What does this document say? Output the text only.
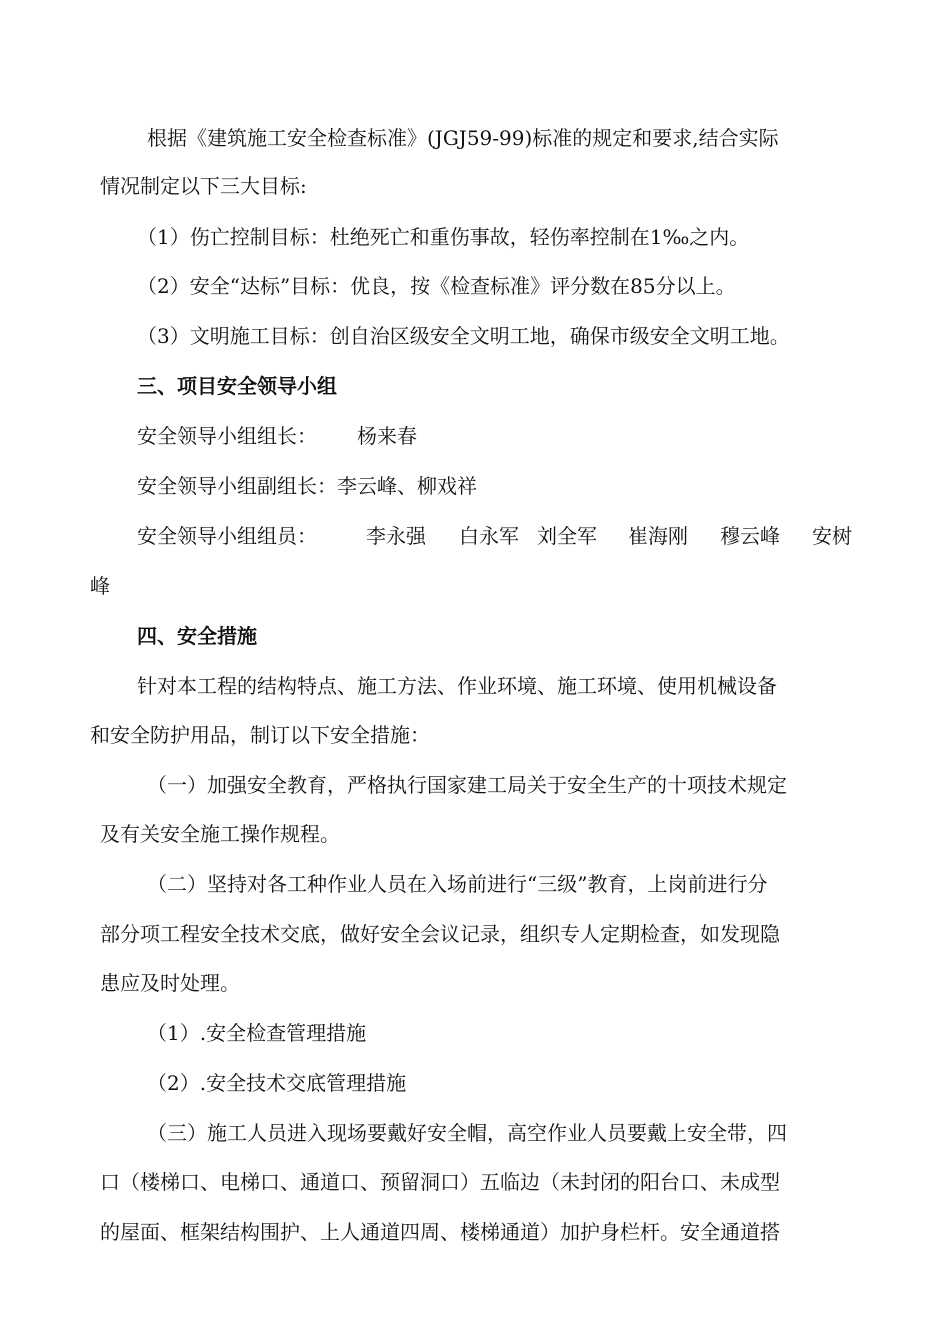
根据《建筑施工安全检查标准》(JGJ59-99)标准的规定和要求,结合实际

情况制定以下三大目标:

（1）伤亡控制目标：杜绝死亡和重伤事故，轻伤率控制在1‰之内。

（2）安全“达标”目标：优良，按《检查标准》评分数在85分以上。

（3）文明施工目标：创自治区级安全文明工地，确保市级安全文明工地。

三、项目安全领导小组

安全领导小组组长： 杨来春

安全领导小组副组长：李云峰、柳戏祥

安全领导小组组员： 李永强 白永军 刘全军 崔海刚 穆云峰 安树

峰

四、安全措施

针对本工程的结构特点、施工方法、作业环境、施工环境、使用机械设备

和安全防护用品，制订以下安全措施：

（一）加强安全教育，严格执行国家建工局关于安全生产的十项技术规定

及有关安全施工操作规程。

（二）坚持对各工种作业人员在入场前进行“三级”教育，上岗前进行分

部分项工程安全技术交底，做好安全会议记录，组织专人定期检查，如发现隐

患应及时处理。

（1）.安全检查管理措施

（2）.安全技术交底管理措施

（三）施工人员进入现场要戴好安全帽，高空作业人员要戴上安全带，四

口（楼梯口、电梯口、通道口、预留洞口）五临边（未封闭的阳台口、未成型

的屋面、框架结构围护、上人通道四周、楼梯通道）加护身栏杆。安全通道搭
